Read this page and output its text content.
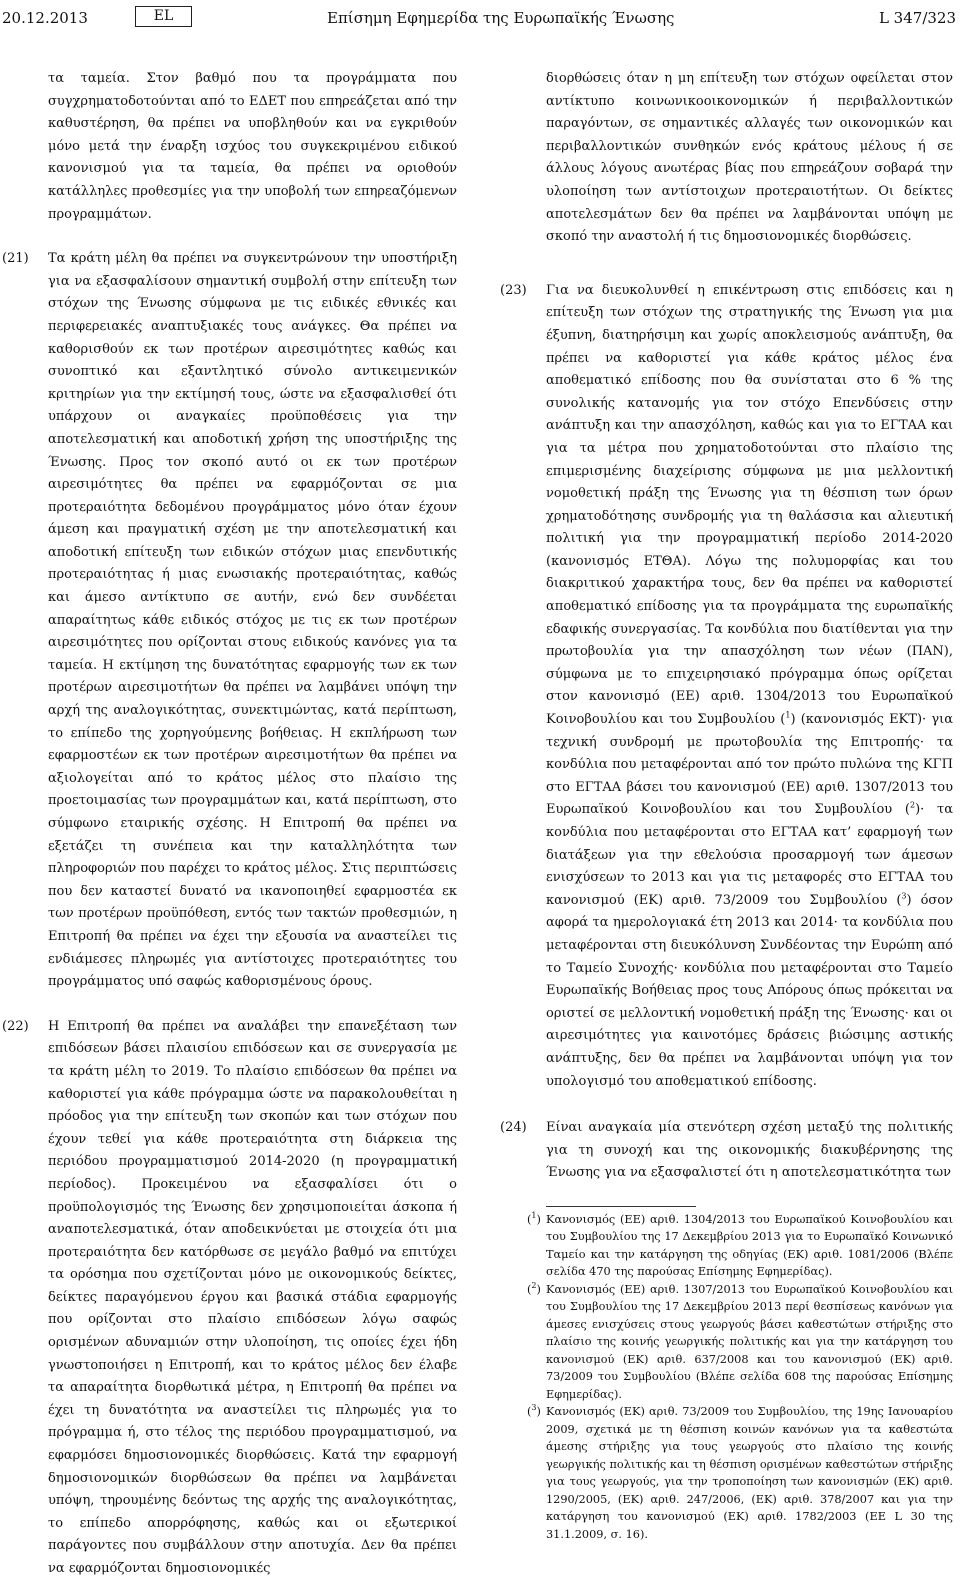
20.12.2013	EL	Επίσημη Εφημερίδα της Ευρωπαϊκής Ένωσης	L 347/323

τα ταμεία. Στον βαθμό που τα προγράμματα που συγχρηματοδοτούνται από το ΕΔΕΤ που επηρεάζεται από την καθυστέρηση, θα πρέπει να υποβληθούν και να εγκριθούν μόνο μετά την έναρξη ισχύος του συγκεκριμένου ειδικού κανονισμού για τα ταμεία, θα πρέπει να οριοθούν κατάλληλες προθεσμίες για την υποβολή των επηρεαζόμενων προγραμμάτων.

(21) Τα κράτη μέλη θα πρέπει να συγκεντρώνουν την υποστήριξη για να εξασφαλίσουν σημαντική συμβολή στην επίτευξη των στόχων της Ένωσης σύμφωνα με τις ειδικές εθνικές και περιφερειακές αναπτυξιακές τους ανάγκες. Θα πρέπει να καθορισθούν εκ των προτέρων αιρεσιμότητες καθώς και συνοπτικό και εξαντλητικό σύνολο αντικειμενικών κριτηρίων για την εκτίμησή τους, ώστε να εξασφαλισθεί ότι υπάρχουν οι αναγκαίες προϋποθέσεις για την αποτελεσματική και αποδοτική χρήση της υποστήριξης της Ένωσης. Προς τον σκοπό αυτό οι εκ των προτέρων αιρεσιμότητες θα πρέπει να εφαρμόζονται σε μια προτεραιότητα δεδομένου προγράμματος μόνο όταν έχουν άμεση και πραγματική σχέση με την αποτελεσματική και αποδοτική επίτευξη των ειδικών στόχων μιας επενδυτικής προτεραιότητας ή μιας ενωσιακής προτεραιότητας, καθώς και άμεσο αντίκτυπο σε αυτήν, ενώ δεν συνδέεται απαραίτητως κάθε ειδικός στόχος με τις εκ των προτέρων αιρεσιμότητες που ορίζονται στους ειδικούς κανόνες για τα ταμεία. Η εκτίμηση της δυνατότητας εφαρμογής των εκ των προτέρων αιρεσιμοτήτων θα πρέπει να λαμβάνει υπόψη την αρχή της αναλογικότητας, συνεκτιμώντας, κατά περίπτωση, το επίπεδο της χορηγούμενης βοήθειας. Η εκπλήρωση των εφαρμοστέων εκ των προτέρων αιρεσιμοτήτων θα πρέπει να αξιολογείται από το κράτος μέλος στο πλαίσιο της προετοιμασίας των προγραμμάτων και, κατά περίπτωση, στο σύμφωνο εταιρικής σχέσης. Η Επιτροπή θα πρέπει να εξετάζει τη συνέπεια και την καταλληλότητα των πληροφοριών που παρέχει το κράτος μέλος. Στις περιπτώσεις που δεν καταστεί δυνατό να ικανοποιηθεί εφαρμοστέα εκ των προτέρων προϋπόθεση, εντός των τακτών προθεσμιών, η Επιτροπή θα πρέπει να έχει την εξουσία να αναστείλει τις ενδιάμεσες πληρωμές για αντίστοιχες προτεραιότητες του προγράμματος υπό σαφώς καθορισμένους όρους.

(22) Η Επιτροπή θα πρέπει να αναλάβει την επανεξέταση των επιδόσεων βάσει πλαισίου επιδόσεων και σε συνεργασία με τα κράτη μέλη το 2019. Το πλαίσιο επιδόσεων θα πρέπει να καθοριστεί για κάθε πρόγραμμα ώστε να παρακολουθείται η πρόοδος για την επίτευξη των σκοπών και των στόχων που έχουν τεθεί για κάθε προτεραιότητα στη διάρκεια της περιόδου προγραμματισμού 2014-2020 (η προγραμματική περίοδος). Προκειμένου να εξασφαλίσει ότι ο προϋπολογισμός της Ένωσης δεν χρησιμοποιείται άσκοπα ή αναποτελεσματικά, όταν αποδεικνύεται με στοιχεία ότι μια προτεραιότητα δεν κατόρθωσε σε μεγάλο βαθμό να επιτύχει τα ορόσημα που σχετίζονται μόνο με οικονομικούς δείκτες, δείκτες παραγόμενου έργου και βασικά στάδια εφαρμογής που ορίζονται στο πλαίσιο επιδόσεων λόγω σαφώς ορισμένων αδυναμιών στην υλοποίηση, τις οποίες έχει ήδη γνωστοποιήσει η Επιτροπή, και το κράτος μέλος δεν έλαβε τα απαραίτητα διορθωτικά μέτρα, η Επιτροπή θα πρέπει να έχει τη δυνατότητα να αναστείλει τις πληρωμές για το πρόγραμμα ή, στο τέλος της περιόδου προγραμματισμού, να εφαρμόσει δημοσιονομικές διορθώσεις. Κατά την εφαρμογή δημοσιονομικών διορθώσεων θα πρέπει να λαμβάνεται υπόψη, τηρουμένης δεόντως της αρχής της αναλογικότητας, το επίπεδο απορρόφησης, καθώς και οι εξωτερικοί παράγοντες που συμβάλλουν στην αποτυχία. Δεν θα πρέπει να εφαρμόζονται δημοσιονομικές

διορθώσεις όταν η μη επίτευξη των στόχων οφείλεται στον αντίκτυπο κοινωνικοοικονομικών ή περιβαλλοντικών παραγόντων, σε σημαντικές αλλαγές των οικονομικών και περιβαλλοντικών συνθηκών ενός κράτους μέλους ή σε άλλους λόγους ανωτέρας βίας που επηρεάζουν σοβαρά την υλοποίηση των αντίστοιχων προτεραιοτήτων. Οι δείκτες αποτελεσμάτων δεν θα πρέπει να λαμβάνονται υπόψη με σκοπό την αναστολή ή τις δημοσιονομικές διορθώσεις.

(23) Για να διευκολυνθεί η επικέντρωση στις επιδόσεις και η επίτευξη των στόχων της στρατηγικής της Ένωση για μια έξυπνη, διατηρήσιμη και χωρίς αποκλεισμούς ανάπτυξη, θα πρέπει να καθοριστεί για κάθε κράτος μέλος ένα αποθεματικό επίδοσης που θα συνίσταται στο 6 % της συνολικής κατανομής για τον στόχο Επενδύσεις στην ανάπτυξη και την απασχόληση, καθώς και για το ΕΓΤΑΑ και για τα μέτρα που χρηματοδοτούνται στο πλαίσιο της επιμερισμένης διαχείρισης σύμφωνα με μια μελλοντική νομοθετική πράξη της Ένωσης για τη θέσπιση των όρων χρηματοδότησης συνδρομής για τη θαλάσσια και αλιευτική πολιτική για την προγραμματική περίοδο 2014-2020 (κανονισμός ΕΤΘΑ). Λόγω της πολυμορφίας και του διακριτικού χαρακτήρα τους, δεν θα πρέπει να καθοριστεί αποθεματικό επίδοσης για τα προγράμματα της ευρωπαϊκής εδαφικής συνεργασίας. Τα κονδύλια που διατίθενται για την πρωτοβουλία για την απασχόληση των νέων (ΠΑΝ), σύμφωνα με το επιχειρησιακό πρόγραμμα όπως ορίζεται στον κανονισμό (ΕΕ) αριθ. 1304/2013 του Ευρωπαϊκού Κοινοβουλίου και του Συμβουλίου ($^1$) (κανονισμός ΕΚΤ)· για τεχνική συνδρομή με πρωτοβουλία της Επιτροπής· τα κονδύλια που μεταφέρονται από τον πρώτο πυλώνα της ΚΓΠ στο ΕΓΤΑΑ βάσει του κανονισμού (ΕΕ) αριθ. 1307/2013 του Ευρωπαϊκού Κοινοβουλίου και του Συμβουλίου ($^2$)· τα κονδύλια που μεταφέρονται στο ΕΓΤΑΑ κατ’ εφαρμογή των διατάξεων για την εθελούσια προσαρμογή των άμεσων ενισχύσεων το 2013 και για τις μεταφορές στο ΕΓΤΑΑ του κανονισμού (ΕΚ) αριθ. 73/2009 του Συμβουλίου ($^3$) όσον αφορά τα ημερολογιακά έτη 2013 και 2014· τα κονδύλια που μεταφέρονται στη διευκόλυνση Συνδέοντας την Ευρώπη από το Ταμείο Συνοχής· κονδύλια που μεταφέρονται στο Ταμείο Ευρωπαϊκής Βοήθειας προς τους Απόρους όπως πρόκειται να οριστεί σε μελλοντική νομοθετική πράξη της Ένωσης· και οι αιρεσιμότητες για καινοτόμες δράσεις βιώσιμης αστικής ανάπτυξης, δεν θα πρέπει να λαμβάνονται υπόψη για τον υπολογισμό του αποθεματικού επίδοσης.

(24) Είναι αναγκαία μία στενότερη σχέση μεταξύ της πολιτικής για τη συνοχή και της οικονομικής διακυβέρνησης της Ένωσης για να εξασφαλιστεί ότι η αποτελεσματικότητα των

($^1$) Κανονισμός (ΕΕ) αριθ. 1304/2013 του Ευρωπαϊκού Κοινοβουλίου και του Συμβουλίου της 17 Δεκεμβρίου 2013 για το Ευρωπαϊκό Κοινωνικό Ταμείο και την κατάργηση της οδηγίας (ΕΚ) αριθ. 1081/2006 (Βλέπε σελίδα 470 της παρούσας Επίσημης Εφημερίδας).
($^2$) Κανονισμός (ΕΕ) αριθ. 1307/2013 του Ευρωπαϊκού Κοινοβουλίου και του Συμβουλίου της 17 Δεκεμβρίου 2013 περί θεσπίσεως κανόνων για άμεσες ενισχύσεις στους γεωργούς βάσει καθεστώτων στήριξης στο πλαίσιο της κοινής γεωργικής πολιτικής και για την κατάργηση του κανονισμού (ΕΚ) αριθ. 637/2008 και του κανονισμού (ΕΚ) αριθ. 73/2009 του Συμβουλίου (Βλέπε σελίδα 608 της παρούσας Επίσημης Εφημερίδας).
($^3$) Κανονισμός (ΕΚ) αριθ. 73/2009 του Συμβουλίου, της 19ης Ιανουαρίου 2009, σχετικά με τη θέσπιση κοινών κανόνων για τα καθεστώτα άμεσης στήριξης για τους γεωργούς στο πλαίσιο της κοινής γεωργικής πολιτικής και τη θέσπιση ορισμένων καθεστώτων στήριξης για τους γεωργούς, για την τροποποίηση των κανονισμών (ΕΚ) αριθ. 1290/2005, (ΕΚ) αριθ. 247/2006, (ΕΚ) αριθ. 378/2007 και για την κατάργηση του κανονισμού (ΕΚ) αριθ. 1782/2003 (ΕΕ L 30 της 31.1.2009, σ. 16).
